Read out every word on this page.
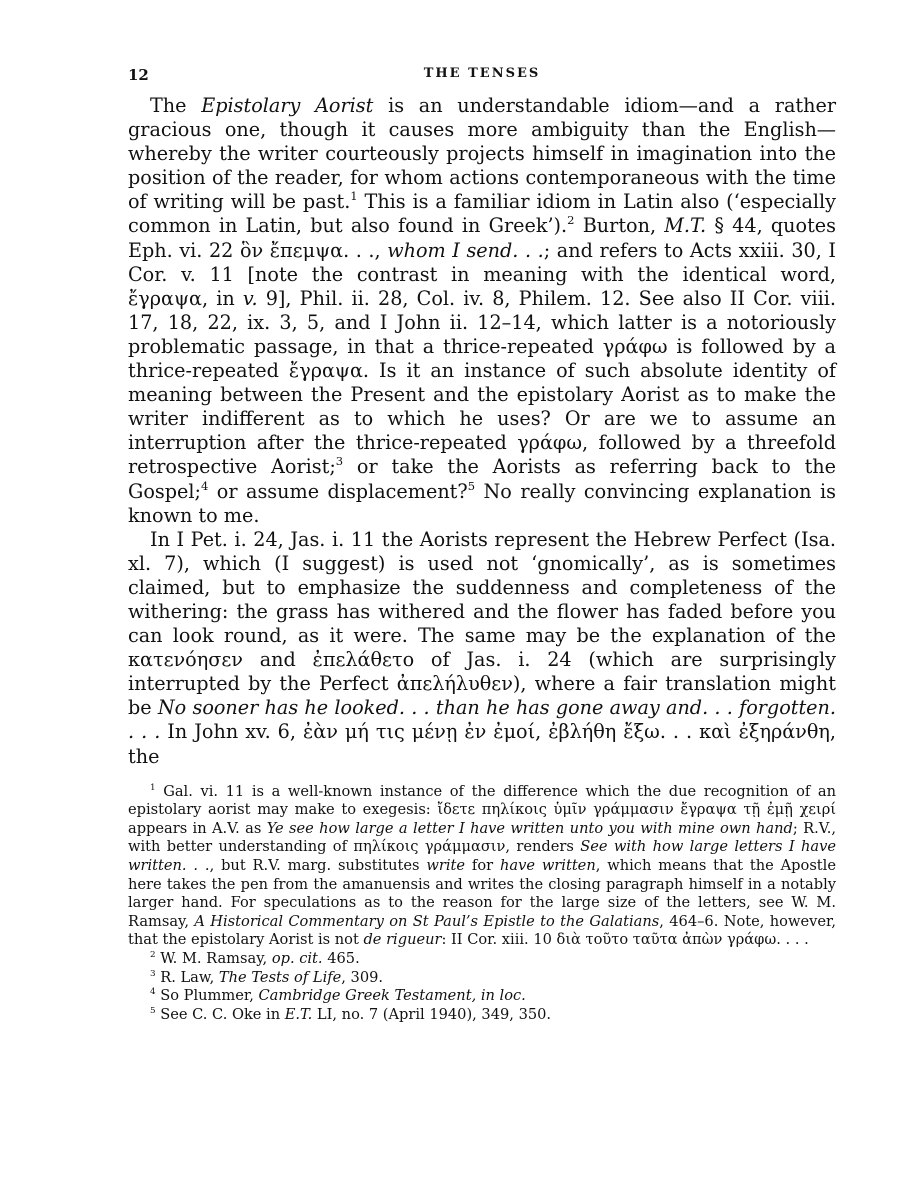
12	THE TENSES

The Epistolary Aorist is an understandable idiom—and a rather gracious one, though it causes more ambiguity than the English—whereby the writer courteously projects himself in imagination into the position of the reader, for whom actions contemporaneous with the time of writing will be past.$^1$ This is a familiar idiom in Latin also (‘especially common in Latin, but also found in Greek’).$^2$ Burton, M.T. § 44, quotes Eph. vi. 22 ὃν ἔπεμψα. . ., whom I send. . .; and refers to Acts xxiii. 30, I Cor. v. 11 [note the contrast in meaning with the identical word, ἔγραψα, in v. 9], Phil. ii. 28, Col. iv. 8, Philem. 12. See also II Cor. viii. 17, 18, 22, ix. 3, 5, and I John ii. 12–14, which latter is a notoriously problematic passage, in that a thrice-repeated γράφω is followed by a thrice-repeated ἔγραψα. Is it an instance of such absolute identity of meaning between the Present and the epistolary Aorist as to make the writer indifferent as to which he uses? Or are we to assume an interruption after the thrice-repeated γράφω, followed by a threefold retrospective Aorist;$^3$ or take the Aorists as referring back to the Gospel;$^4$ or assume displacement?$^5$ No really convincing explanation is known to me.

In I Pet. i. 24, Jas. i. 11 the Aorists represent the Hebrew Perfect (Isa. xl. 7), which (I suggest) is used not ‘gnomically’, as is sometimes claimed, but to emphasize the suddenness and completeness of the withering: the grass has withered and the flower has faded before you can look round, as it were. The same may be the explanation of the κατενόησεν and ἐπελάθετο of Jas. i. 24 (which are surprisingly interrupted by the Perfect ἀπελήλυθεν), where a fair translation might be No sooner has he looked. . . than he has gone away and. . . forgotten. . . . In John xv. 6, ἐὰν μή τις μένῃ ἐν ἐμοί, ἐβλήθη ἔξω. . . καὶ ἐξηράνθη, the

$^1$ Gal. vi. 11 is a well-known instance of the difference which the due recognition of an epistolary aorist may make to exegesis: ἴδετε πηλίκοις ὑμῖν γράμμασιν ἔγραψα τῇ ἐμῇ χειρί appears in A.V. as Ye see how large a letter I have written unto you with mine own hand; R.V., with better understanding of πηλίκοις γράμμασιν, renders See with how large letters I have written. . ., but R.V. marg. substitutes write for have written, which means that the Apostle here takes the pen from the amanuensis and writes the closing paragraph himself in a notably larger hand. For speculations as to the reason for the large size of the letters, see W. M. Ramsay, A Historical Commentary on St Paul’s Epistle to the Galatians, 464–6. Note, however, that the epistolary Aorist is not de rigueur: II Cor. xiii. 10 διὰ τοῦτο ταῦτα ἀπὼν γράφω. . . .

$^2$ W. M. Ramsay, op. cit. 465.

$^3$ R. Law, The Tests of Life, 309.

$^4$ So Plummer, Cambridge Greek Testament, in loc.

$^5$ See C. C. Oke in E.T. LI, no. 7 (April 1940), 349, 350.
